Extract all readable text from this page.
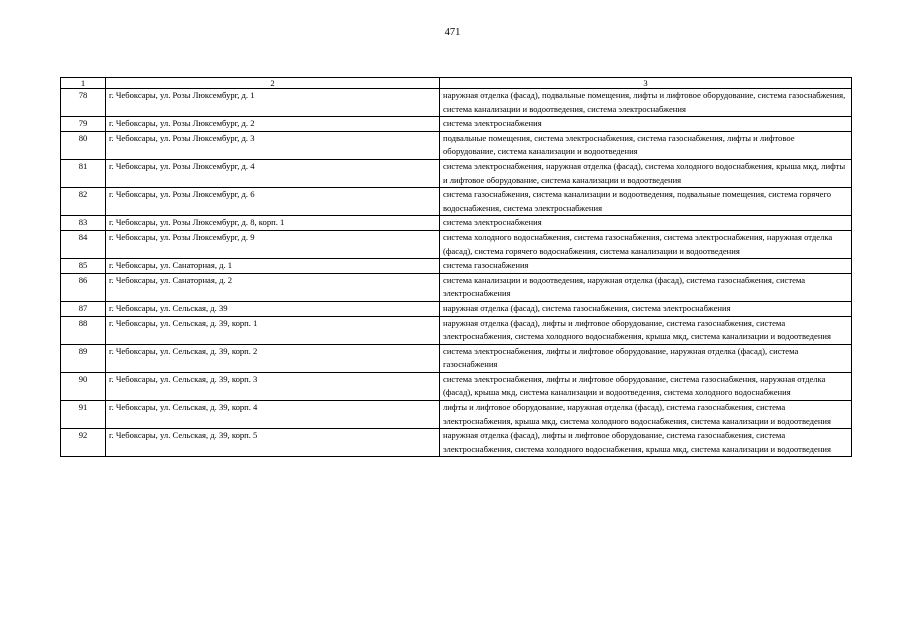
471
1	2	3
78	г. Чебоксары, ул. Розы Люксембург, д. 1	наружная отделка (фасад), подвальные помещения, лифты и лифтовое оборудование, система газоснабжения, система канализации и водоотведения, система электроснабжения
79	г. Чебоксары, ул. Розы Люксембург, д. 2	система электроснабжения
80	г. Чебоксары, ул. Розы Люксембург, д. 3	подвальные помещения, система электроснабжения, система газоснабжения, лифты и лифтовое оборудование, система канализации и водоотведения
81	г. Чебоксары, ул. Розы Люксембург, д. 4	система электроснабжения, наружная отделка (фасад), система холодного водоснабжения, крыша мкд, лифты и лифтовое оборудование, система канализации и водоотведения
82	г. Чебоксары, ул. Розы Люксембург, д. 6	система газоснабжения, система канализации и водоотведения, подвальные помещения, система горячего водоснабжения, система электроснабжения
83	г. Чебоксары, ул. Розы Люксембург, д. 8, корп. 1	система электроснабжения
84	г. Чебоксары, ул. Розы Люксембург, д. 9	система холодного водоснабжения, система газоснабжения, система электроснабжения, наружная отделка (фасад), система горячего водоснабжения, система канализации и водоотведения
85	г. Чебоксары, ул. Санаторная, д. 1	система газоснабжения
86	г. Чебоксары, ул. Санаторная, д. 2	система канализации и водоотведения, наружная отделка (фасад), система газоснабжения, система электроснабжения
87	г. Чебоксары, ул. Сельская, д. 39	наружная отделка (фасад), система газоснабжения, система электроснабжения
88	г. Чебоксары, ул. Сельская, д. 39, корп. 1	наружная отделка (фасад), лифты и лифтовое оборудование, система газоснабжения, система электроснабжения, система холодного водоснабжения, крыша мкд, система канализации и водоотведения
89	г. Чебоксары, ул. Сельская, д. 39, корп. 2	система электроснабжения, лифты и лифтовое оборудование, наружная отделка (фасад), система газоснабжения
90	г. Чебоксары, ул. Сельская, д. 39, корп. 3	система электроснабжения, лифты и лифтовое оборудование, система газоснабжения, наружная отделка (фасад), крыша мкд, система канализации и водоотведения, система холодного водоснабжения
91	г. Чебоксары, ул. Сельская, д. 39, корп. 4	лифты и лифтовое оборудование, наружная отделка (фасад), система газоснабжения, система электроснабжения, крыша мкд, система холодного водоснабжения, система канализации и водоотведения
92	г. Чебоксары, ул. Сельская, д. 39, корп. 5	наружная отделка (фасад), лифты и лифтовое оборудование, система газоснабжения, система электроснабжения, система холодного водоснабжения, крыша мкд, система канализации и водоотведения
